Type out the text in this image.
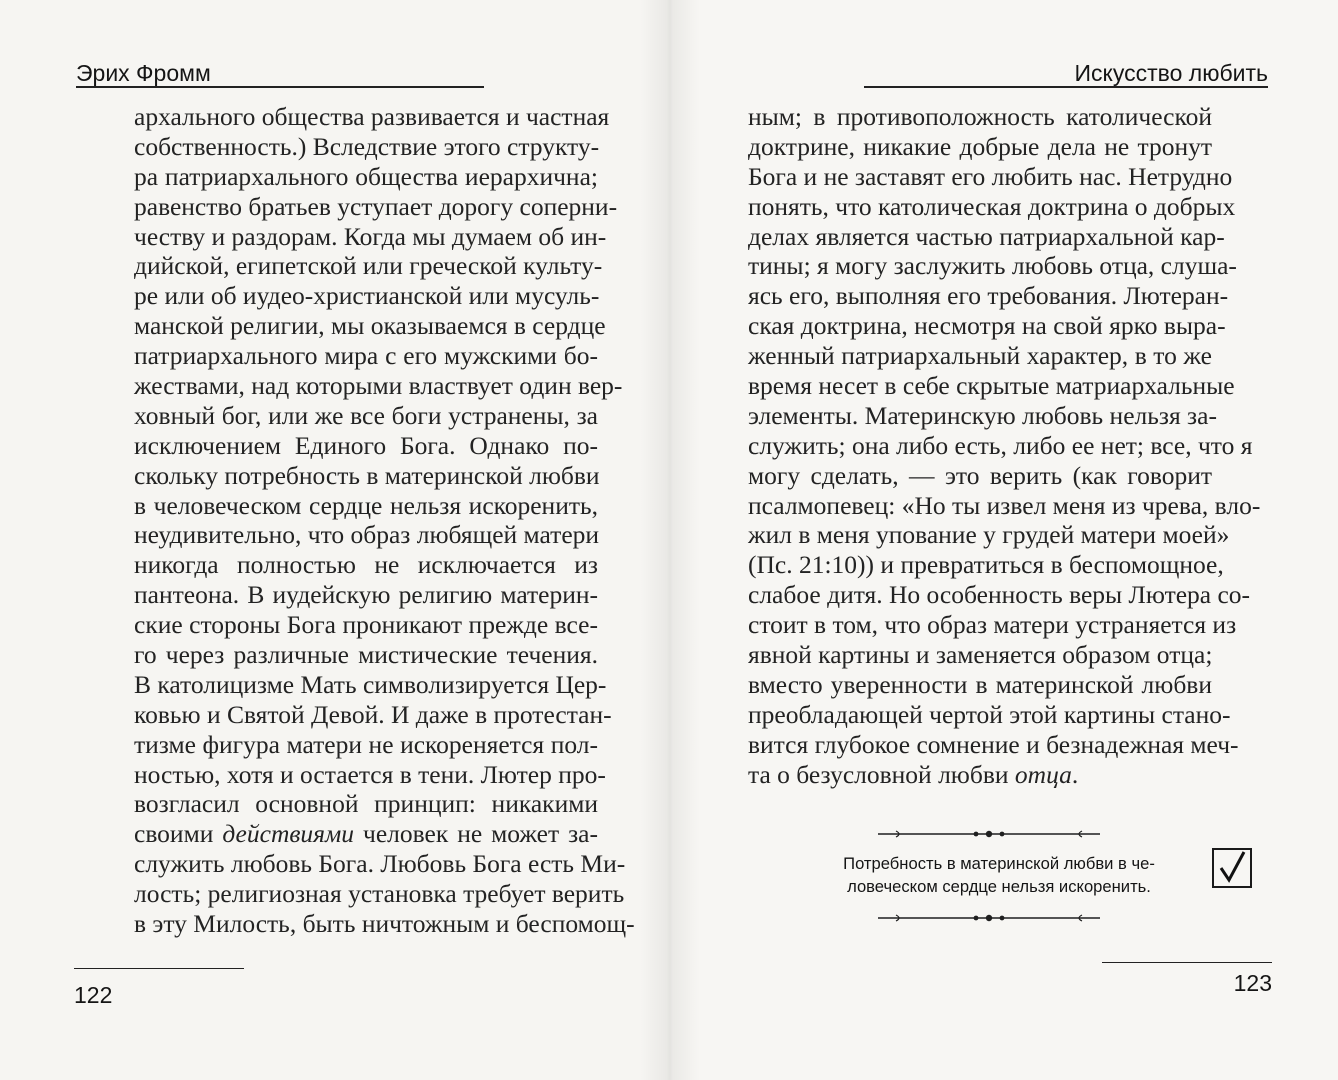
Эрих Фромм	Искусство любить
архального общества развивается и частная
собственность.) Вследствие этого структу-
ра патриархального общества иерархична;
равенство братьев уступает дорогу соперни-
честву и раздорам. Когда мы думаем об ин-
дийской, египетской или греческой культу-
ре или об иудео-христианской или мусуль-
манской религии, мы оказываемся в сердце
патриархального мира с его мужскими бо-
жествами, над которыми властвует один вер-
ховный бог, или же все боги устранены, за
исключением Единого Бога. Однако по-
скольку потребность в материнской любви
в человеческом сердце нельзя искоренить,
неудивительно, что образ любящей матери
никогда полностью не исключается из
пантеона. В иудейскую религию материн-
ские стороны Бога проникают прежде все-
го через различные мистические течения.
В католицизме Мать символизируется Цер-
ковью и Святой Девой. И даже в протестан-
тизме фигура матери не искореняется пол-
ностью, хотя и остается в тени. Лютер про-
возгласил основной принцип: никакими
своими действиями человек не может за-
служить любовь Бога. Любовь Бога есть Ми-
лость; религиозная установка требует верить
в эту Милость, быть ничтожным и беспомощ-
ным; в противоположность католической
доктрине, никакие добрые дела не тронут
Бога и не заставят его любить нас. Нетрудно
понять, что католическая доктрина о добрых
делах является частью патриархальной кар-
тины; я могу заслужить любовь отца, слуша-
ясь его, выполняя его требования. Лютеран-
ская доктрина, несмотря на свой ярко выра-
женный патриархальный характер, в то же
время несет в себе скрытые матриархальные
элементы. Материнскую любовь нельзя за-
служить; она либо есть, либо ее нет; все, что я
могу сделать, — это верить (как говорит
псалмопевец: «Но ты извел меня из чрева, вло-
жил в меня упование у грудей матери моей»
(Пс. 21:10)) и превратиться в беспомощное,
слабое дитя. Но особенность веры Лютера со-
стоит в том, что образ матери устраняется из
явной картины и заменяется образом отца;
вместо уверенности в материнской любви
преобладающей чертой этой картины стано-
вится глубокое сомнение и безнадежная меч-
та о безусловной любви отца.
Потребность в материнской любви в че-
ловеческом сердце нельзя искоренить.
122	123
